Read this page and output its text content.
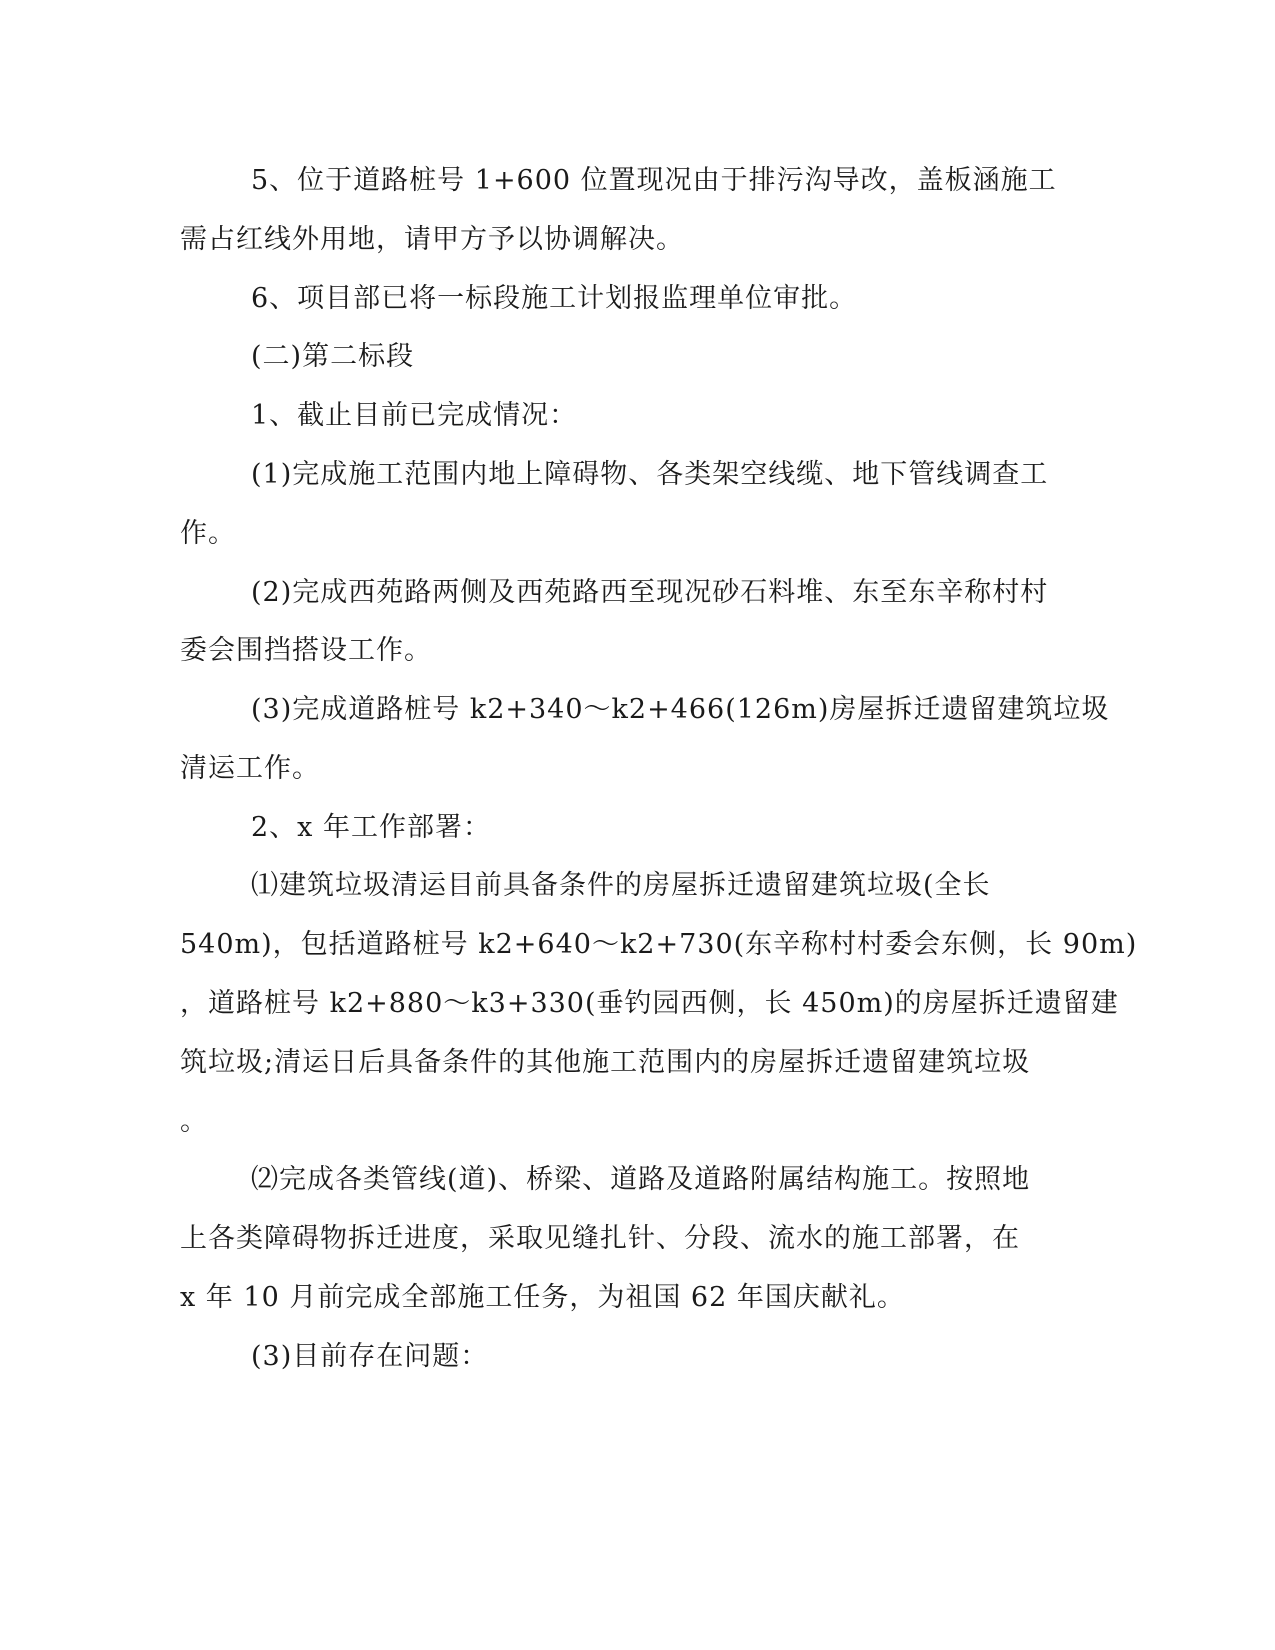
5、位于道路桩号 1+600 位置现况由于排污沟导改，盖板涵施工
需占红线外用地，请甲方予以协调解决。
6、项目部已将一标段施工计划报监理单位审批。
(二)第二标段
1、截止目前已完成情况：
(1)完成施工范围内地上障碍物、各类架空线缆、地下管线调查工
作。
(2)完成西苑路两侧及西苑路西至现况砂石料堆、东至东辛称村村
委会围挡搭设工作。
(3)完成道路桩号 k2+340～k2+466(126m)房屋拆迁遗留建筑垃圾
清运工作。
2、x 年工作部署：
⑴建筑垃圾清运目前具备条件的房屋拆迁遗留建筑垃圾(全长
540m)，包括道路桩号 k2+640～k2+730(东辛称村村委会东侧，长 90m)
，道路桩号 k2+880～k3+330(垂钓园西侧，长 450m)的房屋拆迁遗留建
筑垃圾;清运日后具备条件的其他施工范围内的房屋拆迁遗留建筑垃圾
。
⑵完成各类管线(道)、桥梁、道路及道路附属结构施工。按照地
上各类障碍物拆迁进度，采取见缝扎针、分段、流水的施工部署，在
x 年 10 月前完成全部施工任务，为祖国 62 年国庆献礼。
(3)目前存在问题：
